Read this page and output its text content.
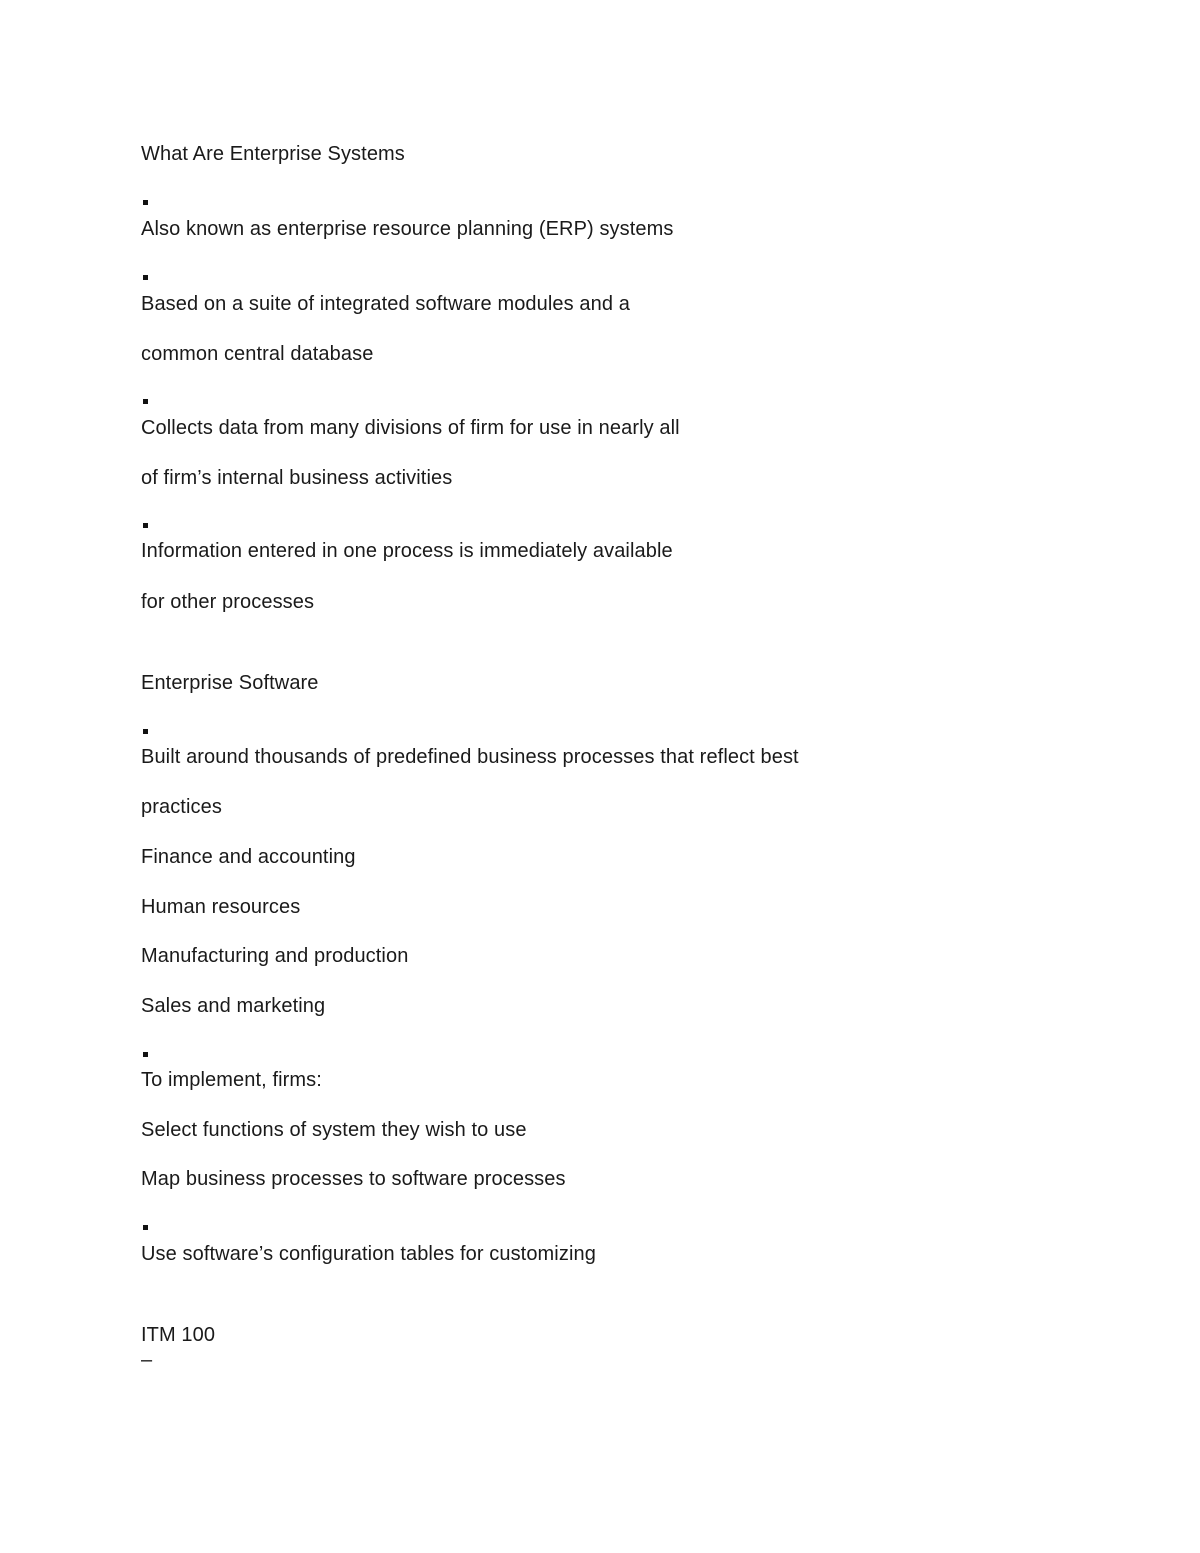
What Are Enterprise Systems
Also known as enterprise resource planning (ERP) systems
Based on a suite of integrated software modules and a
common central database
Collects data from many divisions of firm for use in nearly all
of firm’s internal business activities
Information entered in one process is immediately available
for other processes
Enterprise Software
Built around thousands of predefined business processes that reflect best
practices
Finance and accounting
Human resources
Manufacturing and production
Sales and marketing
To implement, firms:
Select functions of system they wish to use
Map business processes to software processes
Use software’s configuration tables for customizing
ITM 100
–
